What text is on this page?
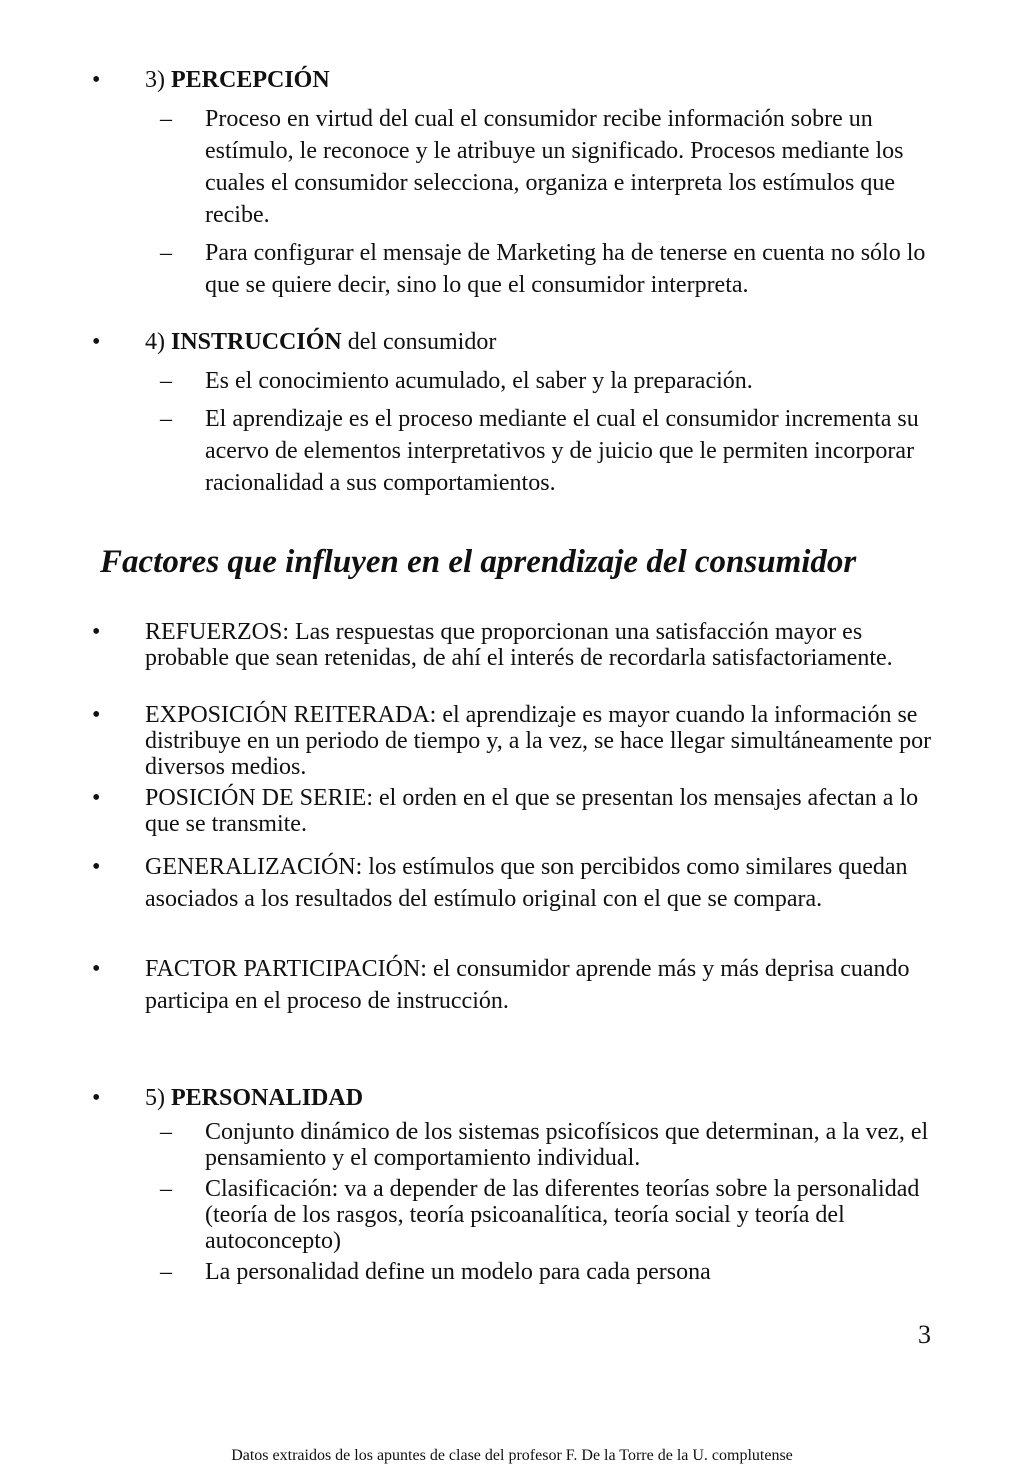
• 3) PERCEPCIÓN
– Proceso en virtud del cual el consumidor recibe información sobre un estímulo, le reconoce y le atribuye un significado. Procesos mediante los cuales el consumidor selecciona, organiza e interpreta los estímulos que recibe.
– Para configurar el mensaje de Marketing ha de tenerse en cuenta no sólo lo que se quiere decir, sino lo que el consumidor interpreta.
• 4) INSTRUCCIÓN del consumidor
– Es el conocimiento acumulado, el saber y la preparación.
– El aprendizaje es el proceso mediante el cual el consumidor incrementa su acervo de elementos interpretativos y de juicio que le permiten incorporar racionalidad a sus comportamientos.
Factores que influyen en el aprendizaje del consumidor
• REFUERZOS: Las respuestas que proporcionan una satisfacción mayor es probable que sean retenidas, de ahí el interés de recordarla satisfactoriamente.
• EXPOSICIÓN REITERADA: el aprendizaje es mayor cuando la información se distribuye en un periodo de tiempo y, a la vez, se hace llegar simultáneamente por diversos medios.
• POSICIÓN DE SERIE: el orden en el que se presentan los mensajes afectan a lo que se transmite.
• GENERALIZACIÓN: los estímulos que son percibidos como similares quedan asociados a los resultados del estímulo original con el que se compara.
• FACTOR PARTICIPACIÓN: el consumidor aprende más y más deprisa cuando participa en el proceso de instrucción.
• 5) PERSONALIDAD
– Conjunto dinámico de los sistemas psicofísicos que determinan, a la vez, el pensamiento y el comportamiento individual.
– Clasificación: va a depender de las diferentes teorías sobre la personalidad (teoría de los rasgos, teoría psicoanalítica, teoría social y teoría del autoconcepto)
– La personalidad define un modelo para cada persona
3
Datos extraidos de los apuntes de clase del profesor F. De la Torre de la U. complutense
